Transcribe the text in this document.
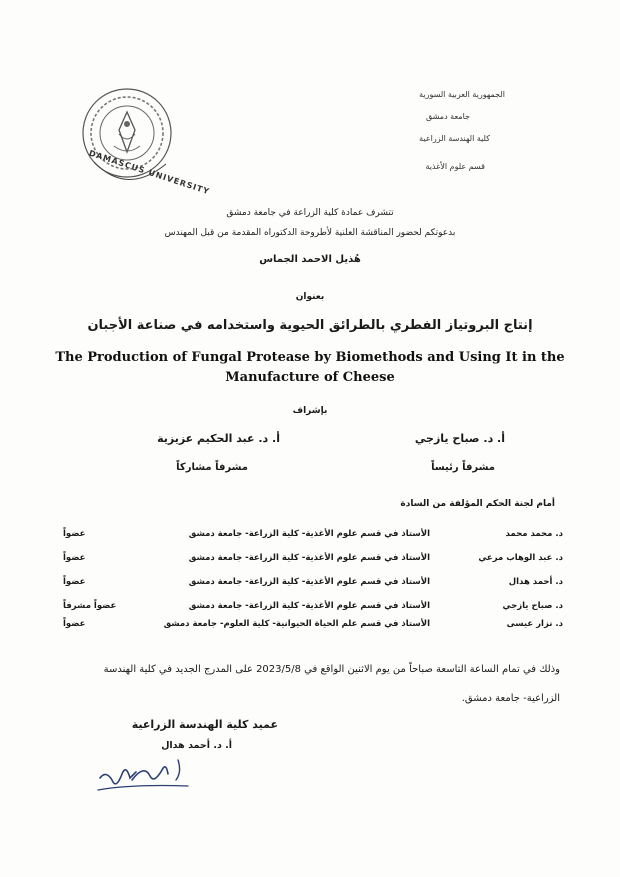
DAMASCUS UNIVERSITY
الجمهورية العربية السورية
جامعة دمشق
كلية الهندسة الزراعية
قسم علوم الأغذية
تتشرف عمادة كلية الزراعة في جامعة دمشق
بدعوتكم لحضور المناقشة العلنية لأطروحة الدكتوراه المقدمة من قبل المهندس
هُذيل الاحمد الجماس
بعنوان
إنتاج البروتياز الفطري بالطرائق الحيوية واستخدامه في صناعة الأجبان
The Production of Fungal Protease by Biomethods and Using It in the
Manufacture of Cheese
بإشراف
أ. د. صباح يازجي
أ. د. عبد الحكيم عزيزية
مشرفاً رئيساً
مشرفاً مشاركاً
أمام لجنة الحكم المؤلفة من السادة
د. محمد محمد
الأستاذ في قسم علوم الأغذية- كلية الزراعة- جامعة دمشق
عضواً
د. عبد الوهاب مرعي
الأستاذ في قسم علوم الأغذية- كلية الزراعة- جامعة دمشق
عضواً
د. أحمد هدال
الأستاذ في قسم علوم الأغذية- كلية الزراعة- جامعة دمشق
عضواً
د. صباح يازجي
الأستاذ في قسم علوم الأغذية- كلية الزراعة- جامعة دمشق
عضواً مشرفاً
د. نزار عيسى
الأستاذ في قسم علم الحياة الحيوانية- كلية العلوم- جامعة دمشق
عضواً
وذلك في تمام الساعة التاسعة صباحاً من يوم الاثنين الواقع في 2023/5/8 على المدرج الجديد في كلية الهندسة
الزراعية- جامعة دمشق.
عميد كلية الهندسة الزراعية
أ. د. أحمد هدال
